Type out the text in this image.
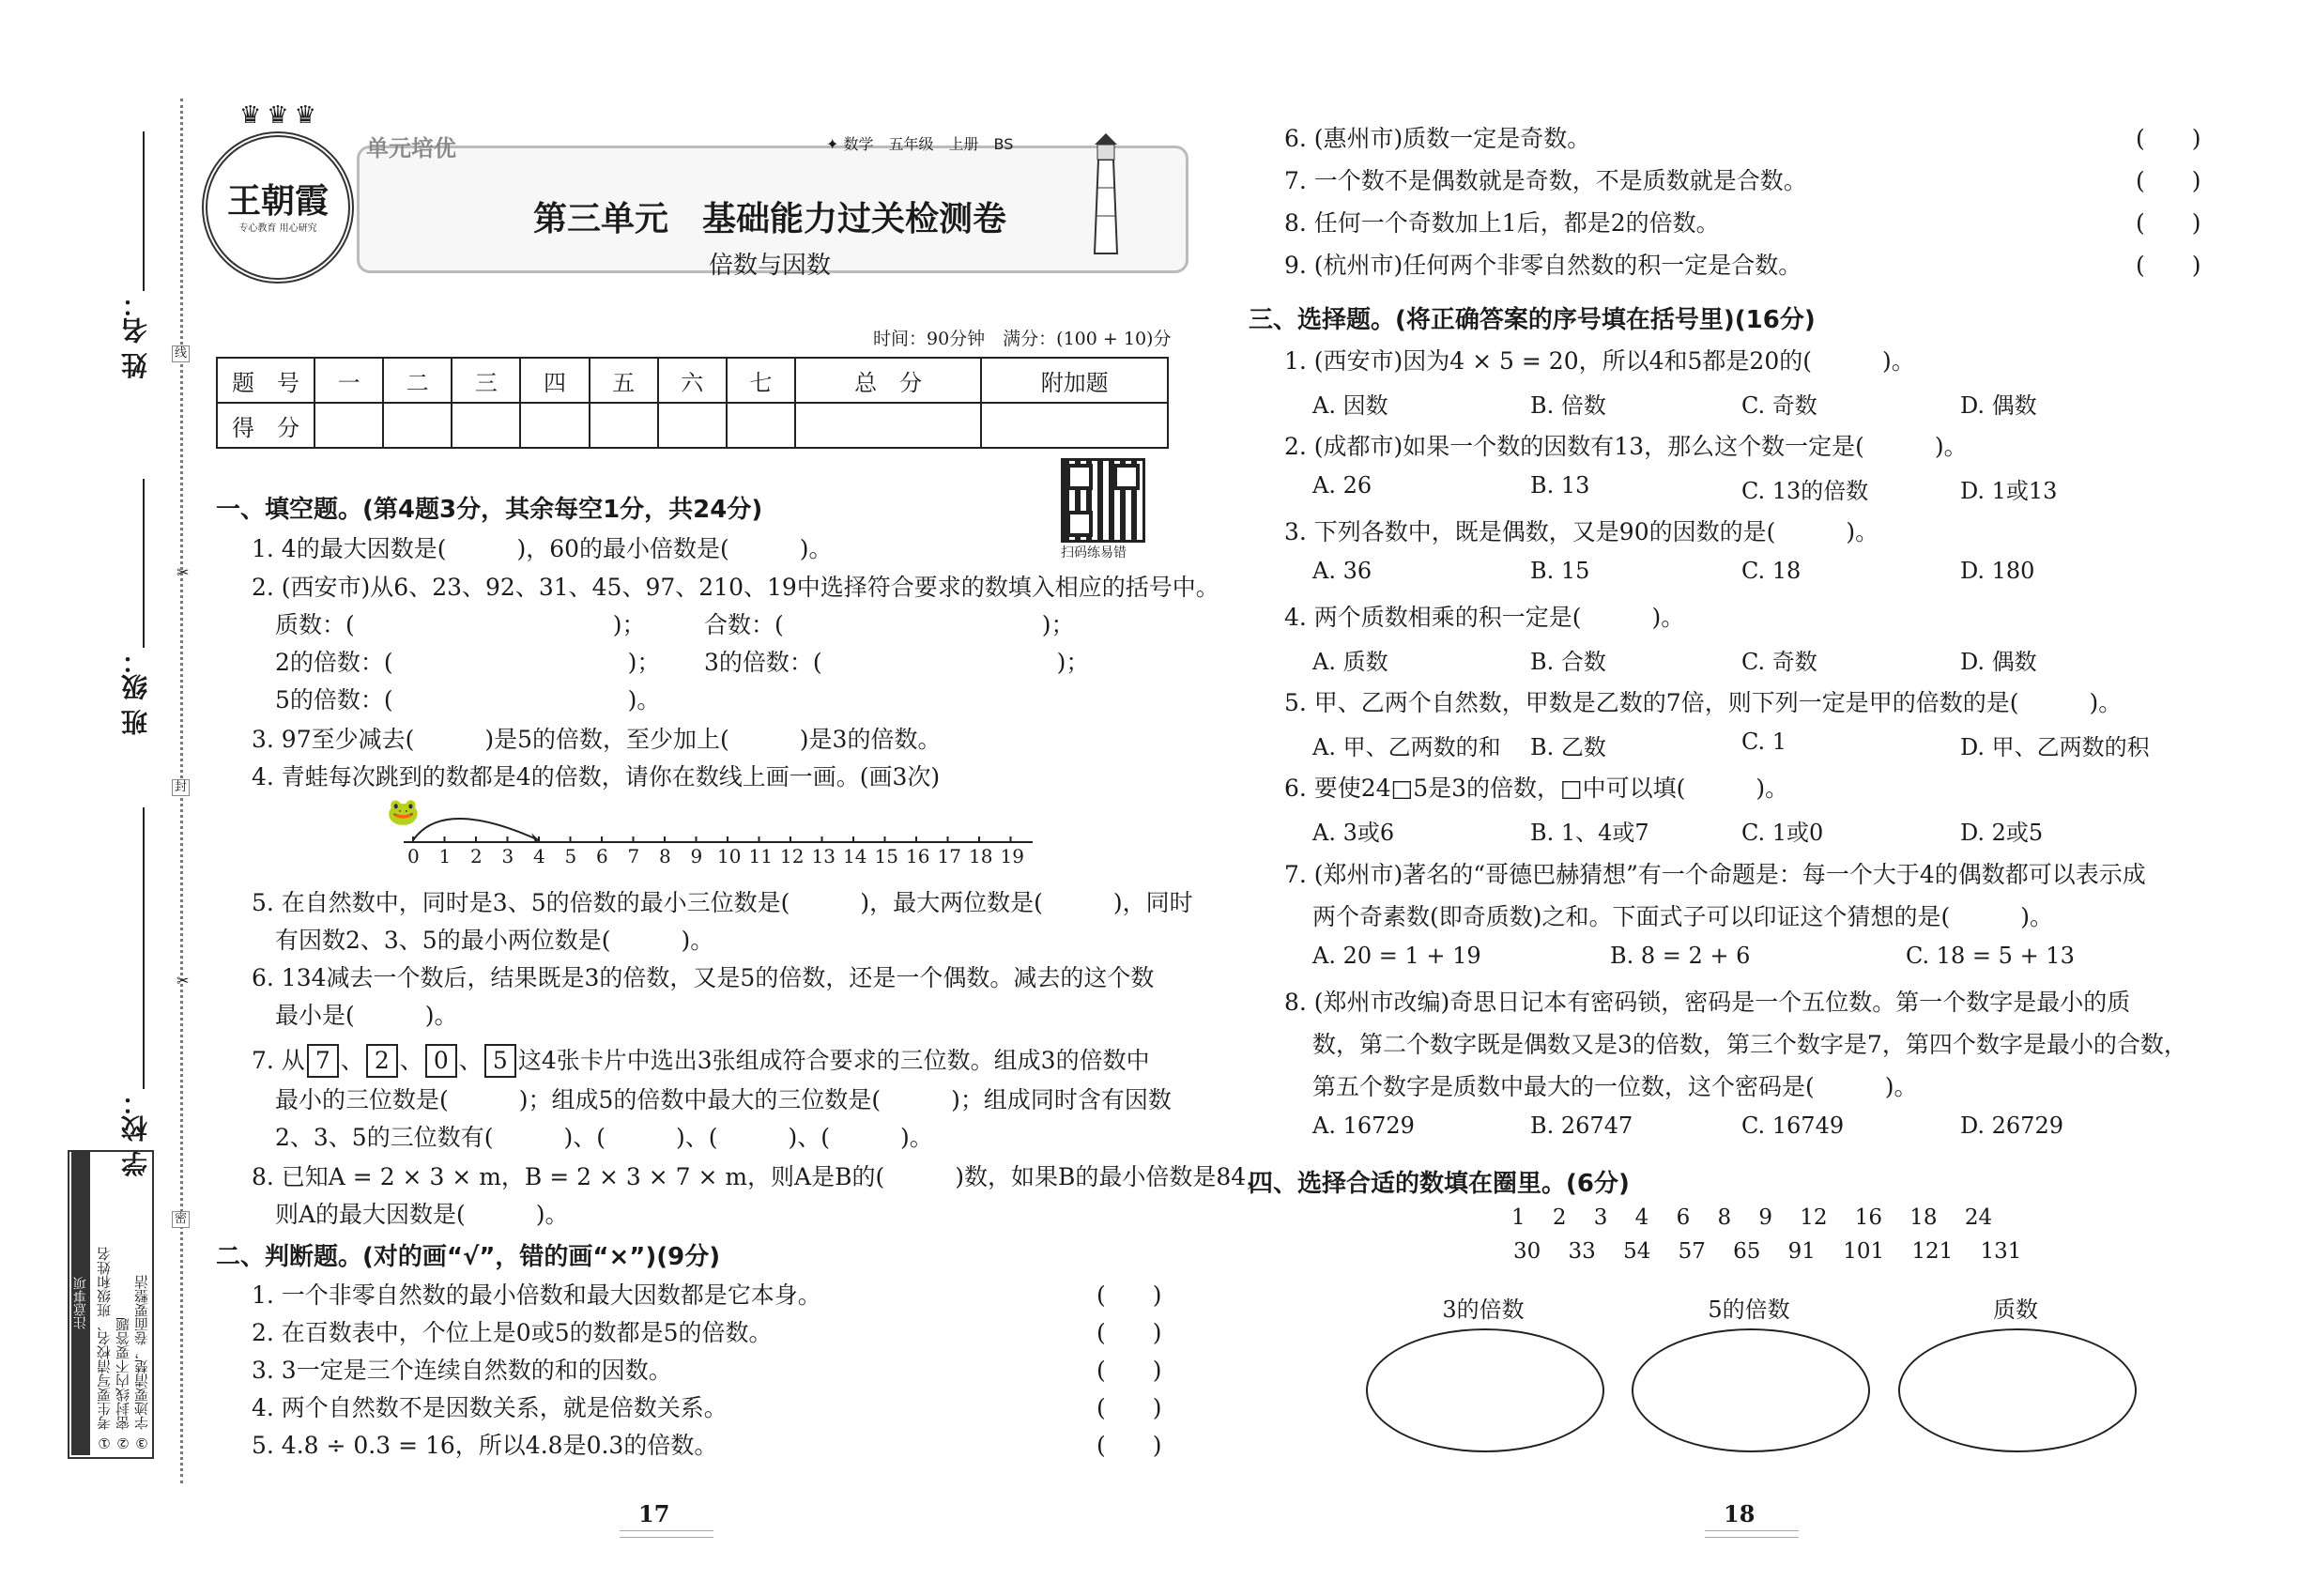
线
封
密
✂
✂
姓 名：
班 级：
学 校：
注意事项 ① 考生要写清校名、班级和姓名 ② 密封线内不要答题 ③ 字迹要清楚，卷面要整洁
王朝霞
专心教育 用心研究
♛♛♛
单元培优	✦ 数学　五年级　上册　BS
第三单元　基础能力过关检测卷
倍数与因数
时间：90分钟　满分：(100 + 10)分
题　号	一	二	三	四	五	六	七	总　分	附加题
得　分									
扫码练易错
一、填空题。(第4题3分，其余每空1分，共24分)
1. 4的最大因数是(　　　)，60的最小倍数是(　　　)。
2. (西安市)从6、23、92、31、45、97、210、19中选择符合要求的数填入相应的括号中。
质数：(　　　　　　　　　　　)； 合数：(　　　　　　　　　　　)；
2的倍数：(　　　　　　　　　　)； 3的倍数：(　　　　　　　　　　)；
5的倍数：(　　　　　　　　　　)。
3. 97至少减去(　　　)是5的倍数，至少加上(　　　)是3的倍数。
4. 青蛙每次跳到的数都是4的倍数，请你在数线上画一画。(画3次)
🐸
0 1 2 3 4 5 6 7 8 9 10 11 12 13 14 15 16 17 18 19
5. 在自然数中，同时是3、5的倍数的最小三位数是(　　　)，最大两位数是(　　　)，同时
有因数2、3、5的最小两位数是(　　　)。
6. 134减去一个数后，结果既是3的倍数，又是5的倍数，还是一个偶数。减去的这个数
最小是(　　　)。
7. 从 7 、 2 、 0 、 5 这4张卡片中选出3张组成符合要求的三位数。组成3的倍数中
最小的三位数是(　　　)；组成5的倍数中最大的三位数是(　　　)；组成同时含有因数
2、3、5的三位数有(　　　)、(　　　)、(　　　)、(　　　)。
8. 已知A = 2 × 3 × m，B = 2 × 3 × 7 × m，则A是B的(　　　)数，如果B的最小倍数是84，
则A的最大因数是(　　　)。
二、判断题。(对的画“√”，错的画“×”)(9分)
1. 一个非零自然数的最小倍数和最大因数都是它本身。	(　　)
2. 在百数表中，个位上是0或5的数都是5的倍数。	(　　)
3. 3一定是三个连续自然数的和的因数。	(　　)
4. 两个自然数不是因数关系，就是倍数关系。	(　　)
5. 4.8 ÷ 0.3 = 16，所以4.8是0.3的倍数。	(　　)
6. (惠州市)质数一定是奇数。	(　　)
7. 一个数不是偶数就是奇数，不是质数就是合数。	(　　)
8. 任何一个奇数加上1后，都是2的倍数。	(　　)
9. (杭州市)任何两个非零自然数的积一定是合数。	(　　)
三、选择题。(将正确答案的序号填在括号里)(16分)
1. (西安市)因为4 × 5 = 20，所以4和5都是20的(　　　)。
A. 因数	B. 倍数	C. 奇数	D. 偶数
2. (成都市)如果一个数的因数有13，那么这个数一定是(　　　)。
A. 26	B. 13	C. 13的倍数	D. 1或13
3. 下列各数中，既是偶数，又是90的因数的是(　　　)。
A. 36	B. 15	C. 18	D. 180
4. 两个质数相乘的积一定是(　　　)。
A. 质数	B. 合数	C. 奇数	D. 偶数
5. 甲、乙两个自然数，甲数是乙数的7倍，则下列一定是甲的倍数的是(　　　)。
A. 甲、乙两数的和 B. 乙数	C. 1	D. 甲、乙两数的积
6. 要使24□5是3的倍数，□中可以填(　　　)。
A. 3或6	B. 1、4或7	C. 1或0	D. 2或5
7. (郑州市)著名的“哥德巴赫猜想”有一个命题是：每一个大于4的偶数都可以表示成
两个奇素数(即奇质数)之和。下面式子可以印证这个猜想的是(　　　)。
A. 20 = 1 + 19	B. 8 = 2 + 6	C. 18 = 5 + 13
8. (郑州市改编)奇思日记本有密码锁，密码是一个五位数。第一个数字是最小的质
数，第二个数字既是偶数又是3的倍数，第三个数字是7，第四个数字是最小的合数，
第五个数字是质数中最大的一位数，这个密码是(　　　)。
A. 16729	B. 26747	C. 16749	D. 26729
四、选择合适的数填在圈里。(6分)
1 2 3 4 6 8 9 12 16 18 24
30 33 54 57 65 91 101 121 131
3的倍数	5的倍数	质数
17	18
